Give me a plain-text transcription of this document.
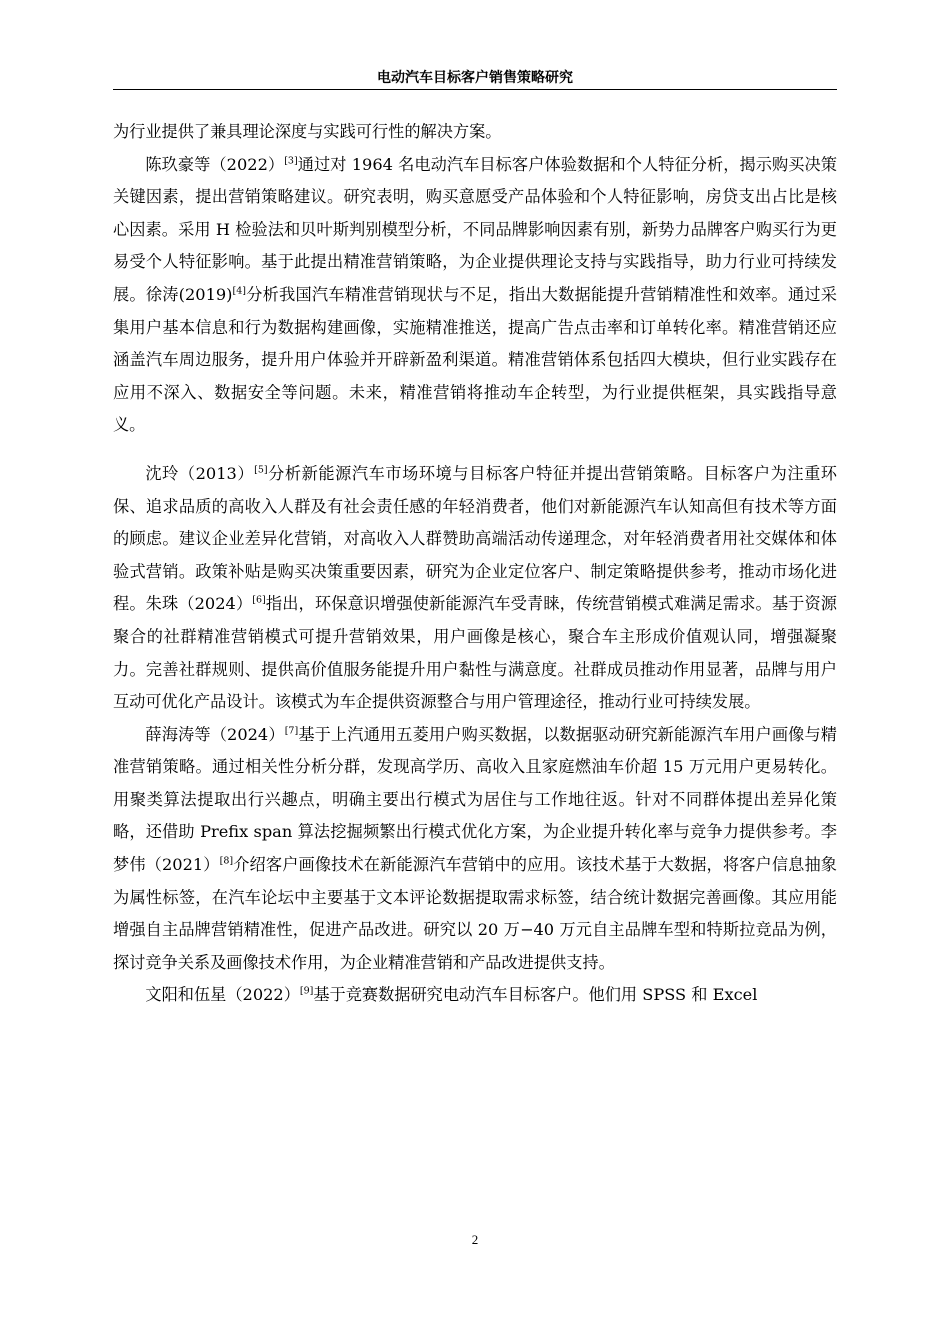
电动汽车目标客户销售策略研究

为行业提供了兼具理论深度与实践可行性的解决方案。

陈玖豪等（2022）[3]通过对 1964 名电动汽车目标客户体验数据和个人特征分析，揭示购买决策关键因素，提出营销策略建议。研究表明，购买意愿受产品体验和个人特征影响，房贷支出占比是核心因素。采用 H 检验法和贝叶斯判别模型分析，不同品牌影响因素有别，新势力品牌客户购买行为更易受个人特征影响。基于此提出精准营销策略，为企业提供理论支持与实践指导，助力行业可持续发展。徐涛(2019)[4]分析我国汽车精准营销现状与不足，指出大数据能提升营销精准性和效率。通过采集用户基本信息和行为数据构建画像，实施精准推送，提高广告点击率和订单转化率。精准营销还应涵盖汽车周边服务，提升用户体验并开辟新盈利渠道。精准营销体系包括四大模块，但行业实践存在应用不深入、数据安全等问题。未来，精准营销将推动车企转型，为行业提供框架，具实践指导意义。

沈玲（2013）[5]分析新能源汽车市场环境与目标客户特征并提出营销策略。目标客户为注重环保、追求品质的高收入人群及有社会责任感的年轻消费者，他们对新能源汽车认知高但有技术等方面的顾虑。建议企业差异化营销，对高收入人群赞助高端活动传递理念，对年轻消费者用社交媒体和体验式营销。政策补贴是购买决策重要因素，研究为企业定位客户、制定策略提供参考，推动市场化进程。朱珠（2024）[6]指出，环保意识增强使新能源汽车受青睐，传统营销模式难满足需求。基于资源聚合的社群精准营销模式可提升营销效果，用户画像是核心，聚合车主形成价值观认同，增强凝聚力。完善社群规则、提供高价值服务能提升用户黏性与满意度。社群成员推动作用显著，品牌与用户互动可优化产品设计。该模式为车企提供资源整合与用户管理途径，推动行业可持续发展。

薛海涛等（2024）[7]基于上汽通用五菱用户购买数据，以数据驱动研究新能源汽车用户画像与精准营销策略。通过相关性分析分群，发现高学历、高收入且家庭燃油车价超 15 万元用户更易转化。用聚类算法提取出行兴趣点，明确主要出行模式为居住与工作地往返。针对不同群体提出差异化策略，还借助 Prefix span 算法挖掘频繁出行模式优化方案，为企业提升转化率与竞争力提供参考。李梦伟（2021）[8]介绍客户画像技术在新能源汽车营销中的应用。该技术基于大数据，将客户信息抽象为属性标签，在汽车论坛中主要基于文本评论数据提取需求标签，结合统计数据完善画像。其应用能增强自主品牌营销精准性，促进产品改进。研究以 20 万−40 万元自主品牌车型和特斯拉竞品为例，探讨竞争关系及画像技术作用，为企业精准营销和产品改进提供支持。

文阳和伍星（2022）[9]基于竞赛数据研究电动汽车目标客户。他们用 SPSS 和 Excel

2
